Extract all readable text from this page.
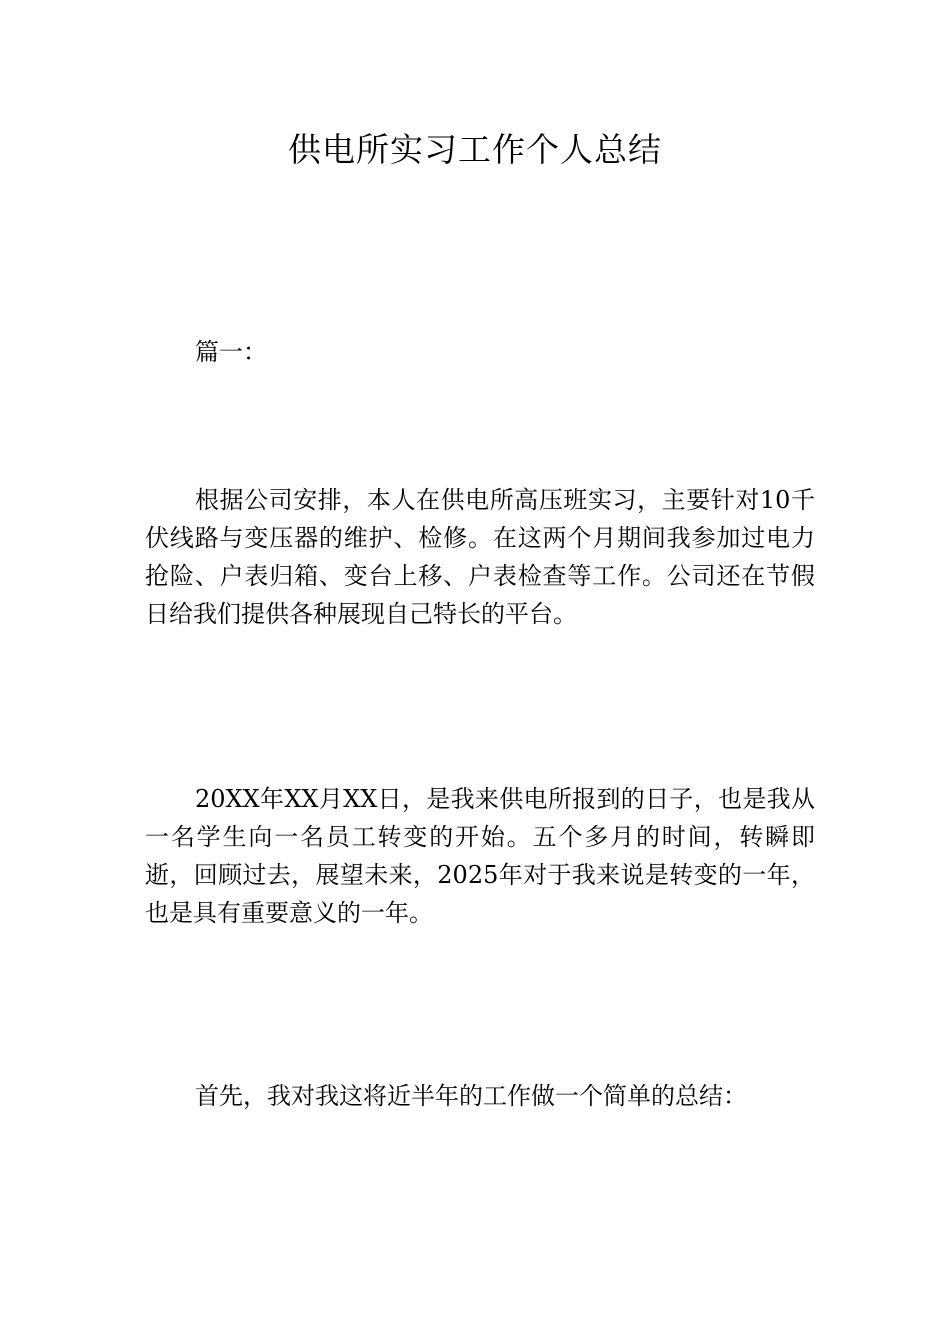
供电所实习工作个人总结

篇一：

根据公司安排，本人在供电所高压班实习，主要针对10千伏线路与变压器的维护、检修。在这两个月期间我参加过电力抢险、户表归箱、变台上移、户表检查等工作。公司还在节假日给我们提供各种展现自己特长的平台。

20XX年XX月XX日，是我来供电所报到的日子，也是我从一名学生向一名员工转变的开始。五个多月的时间，转瞬即逝，回顾过去，展望未来，2025年对于我来说是转变的一年，也是具有重要意义的一年。

首先，我对我这将近半年的工作做一个简单的总结：
